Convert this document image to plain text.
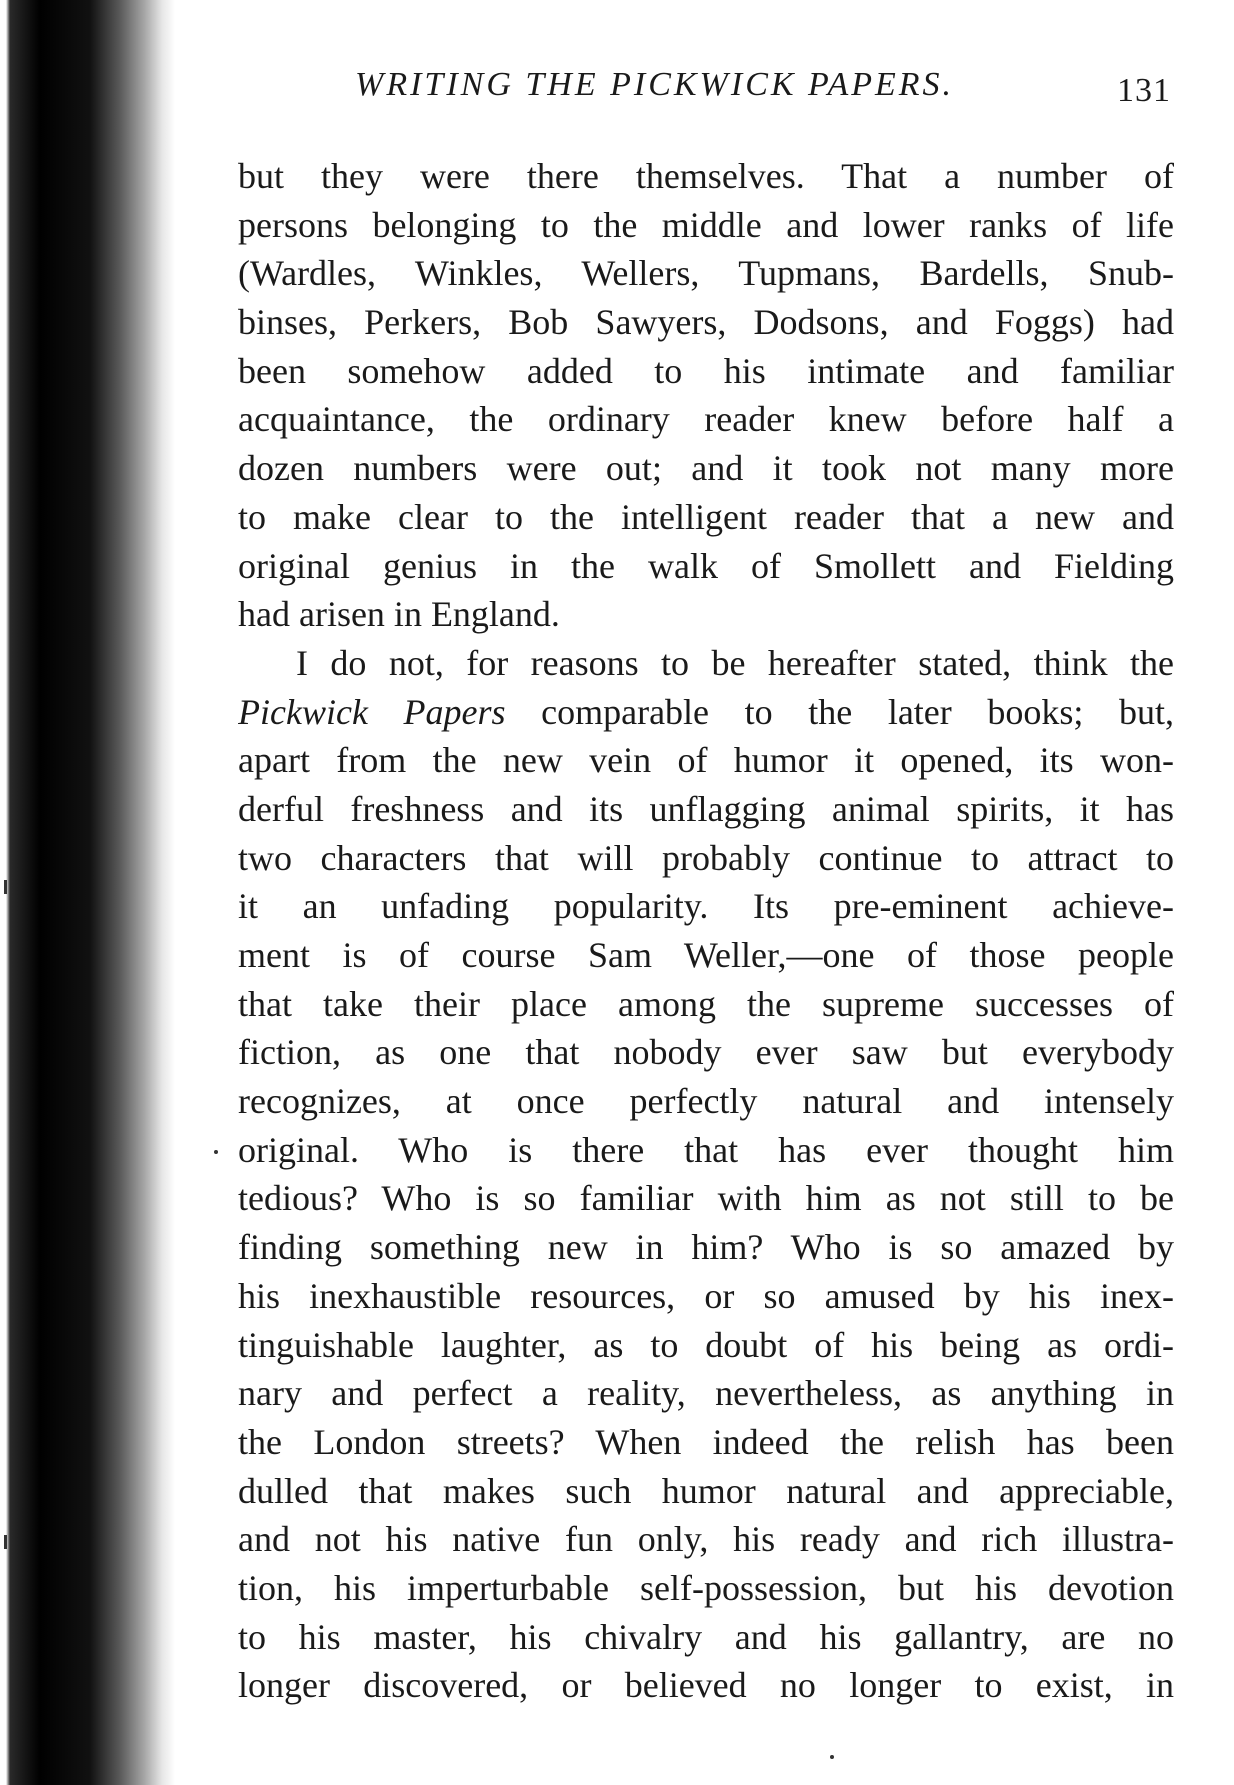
WRITING THE PICKWICK PAPERS.	131
but they were there themselves. That a number of
persons belonging to the middle and lower ranks of life
(Wardles, Winkles, Wellers, Tupmans, Bardells, Snub-
binses, Perkers, Bob Sawyers, Dodsons, and Foggs) had
been somehow added to his intimate and familiar
acquaintance, the ordinary reader knew before half a
dozen numbers were out; and it took not many more
to make clear to the intelligent reader that a new and
original genius in the walk of Smollett and Fielding
had arisen in England.
I do not, for reasons to be hereafter stated, think the
Pickwick Papers comparable to the later books; but,
apart from the new vein of humor it opened, its won-
derful freshness and its unflagging animal spirits, it has
two characters that will probably continue to attract to
it an unfading popularity. Its pre-eminent achieve-
ment is of course Sam Weller,—one of those people
that take their place among the supreme successes of
fiction, as one that nobody ever saw but everybody
recognizes, at once perfectly natural and intensely
original. Who is there that has ever thought him
tedious? Who is so familiar with him as not still to be
finding something new in him? Who is so amazed by
his inexhaustible resources, or so amused by his inex-
tinguishable laughter, as to doubt of his being as ordi-
nary and perfect a reality, nevertheless, as anything in
the London streets? When indeed the relish has been
dulled that makes such humor natural and appreciable,
and not his native fun only, his ready and rich illustra-
tion, his imperturbable self-possession, but his devotion
to his master, his chivalry and his gallantry, are no
longer discovered, or believed no longer to exist, in
